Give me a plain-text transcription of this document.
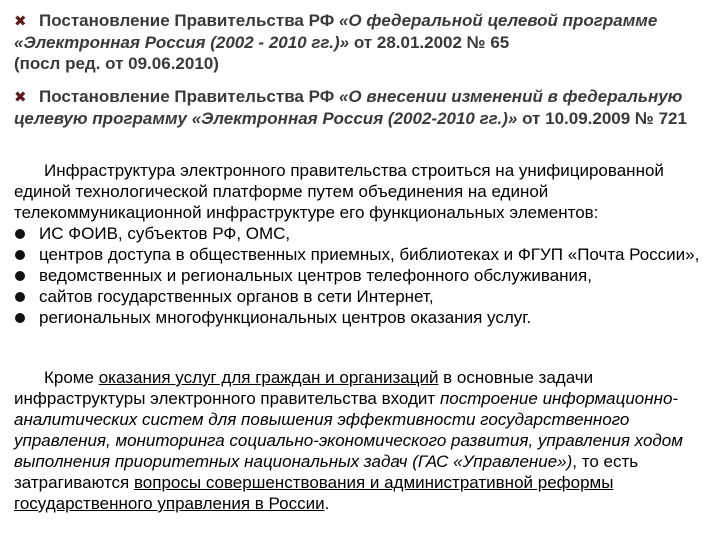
✖ Постановление Правительства РФ «О федеральной целевой программе «Электронная Россия (2002 - 2010 гг.)» от 28.01.2002 № 65
(посл ред. от 09.06.2010)
✖ Постановление Правительства РФ «О внесении изменений в федеральную целевую программу «Электронная Россия (2002-2010 гг.)» от 10.09.2009 № 721
Инфраструктура электронного правительства строиться на унифицированной единой технологической платформе путем объединения на единой телекоммуникационной инфраструктуре его функциональных элементов:
ИС ФОИВ, субъектов РФ, ОМС,
центров доступа в общественных приемных, библиотеках и ФГУП «Почта России»,
ведомственных и региональных центров телефонного обслуживания,
сайтов государственных органов в сети Интернет,
региональных многофункциональных центров оказания услуг.
Кроме оказания услуг для граждан и организаций в основные задачи инфраструктуры электронного правительства входит построение информационно-аналитических систем для повышения эффективности государственного управления, мониторинга социально-экономического развития, управления ходом выполнения приоритетных национальных задач (ГАС «Управление»), то есть затрагиваются вопросы совершенствования и административной реформы государственного управления в России.
